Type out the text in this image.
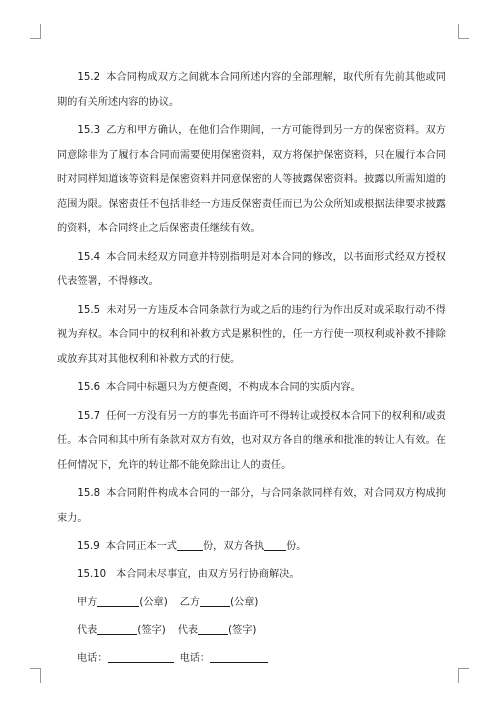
15.2 本合同构成双方之间就本合同所述内容的全部理解，取代所有先前其他或同期的有关所述内容的协议。

15.3 乙方和甲方确认，在他们合作期间，一方可能得到另一方的保密资料。双方同意除非为了履行本合同而需要使用保密资料，双方将保护保密资料，只在履行本合同时对同样知道该等资料是保密资料并同意保密的人等披露保密资料。披露以所需知道的范围为限。保密责任不包括非经一方违反保密责任而已为公众所知或根据法律要求披露的资料，本合同终止之后保密责任继续有效。

15.4 本合同未经双方同意并特别指明是对本合同的修改，以书面形式经双方授权代表签署，不得修改。

15.5 未对另一方违反本合同条款行为或之后的违约行为作出反对或采取行动不得视为弃权。本合同中的权利和补救方式是累积性的，任一方行使一项权利或补救不排除或放弃其对其他权利和补救方式的行使。

15.6 本合同中标题只为方便查阅，不构成本合同的实质内容。

15.7 任何一方没有另一方的事先书面许可不得转让或授权本合同下的权利和/或责任。本合同和其中所有条款对双方有效，也对双方各自的继承和批准的转让人有效。在任何情况下，允许的转让都不能免除出让人的责任。

15.8 本合同附件构成本合同的一部分，与合同条款同样有效，对合同双方构成拘束力。

15.9 本合同正本一式	份，双方各执 份。

15.10 本合同未尽事宜，由双方另行协商解决。

甲方	(公章) 乙方	(公章)

代表	(签字) 代表	(签字)

电话：	电话：
